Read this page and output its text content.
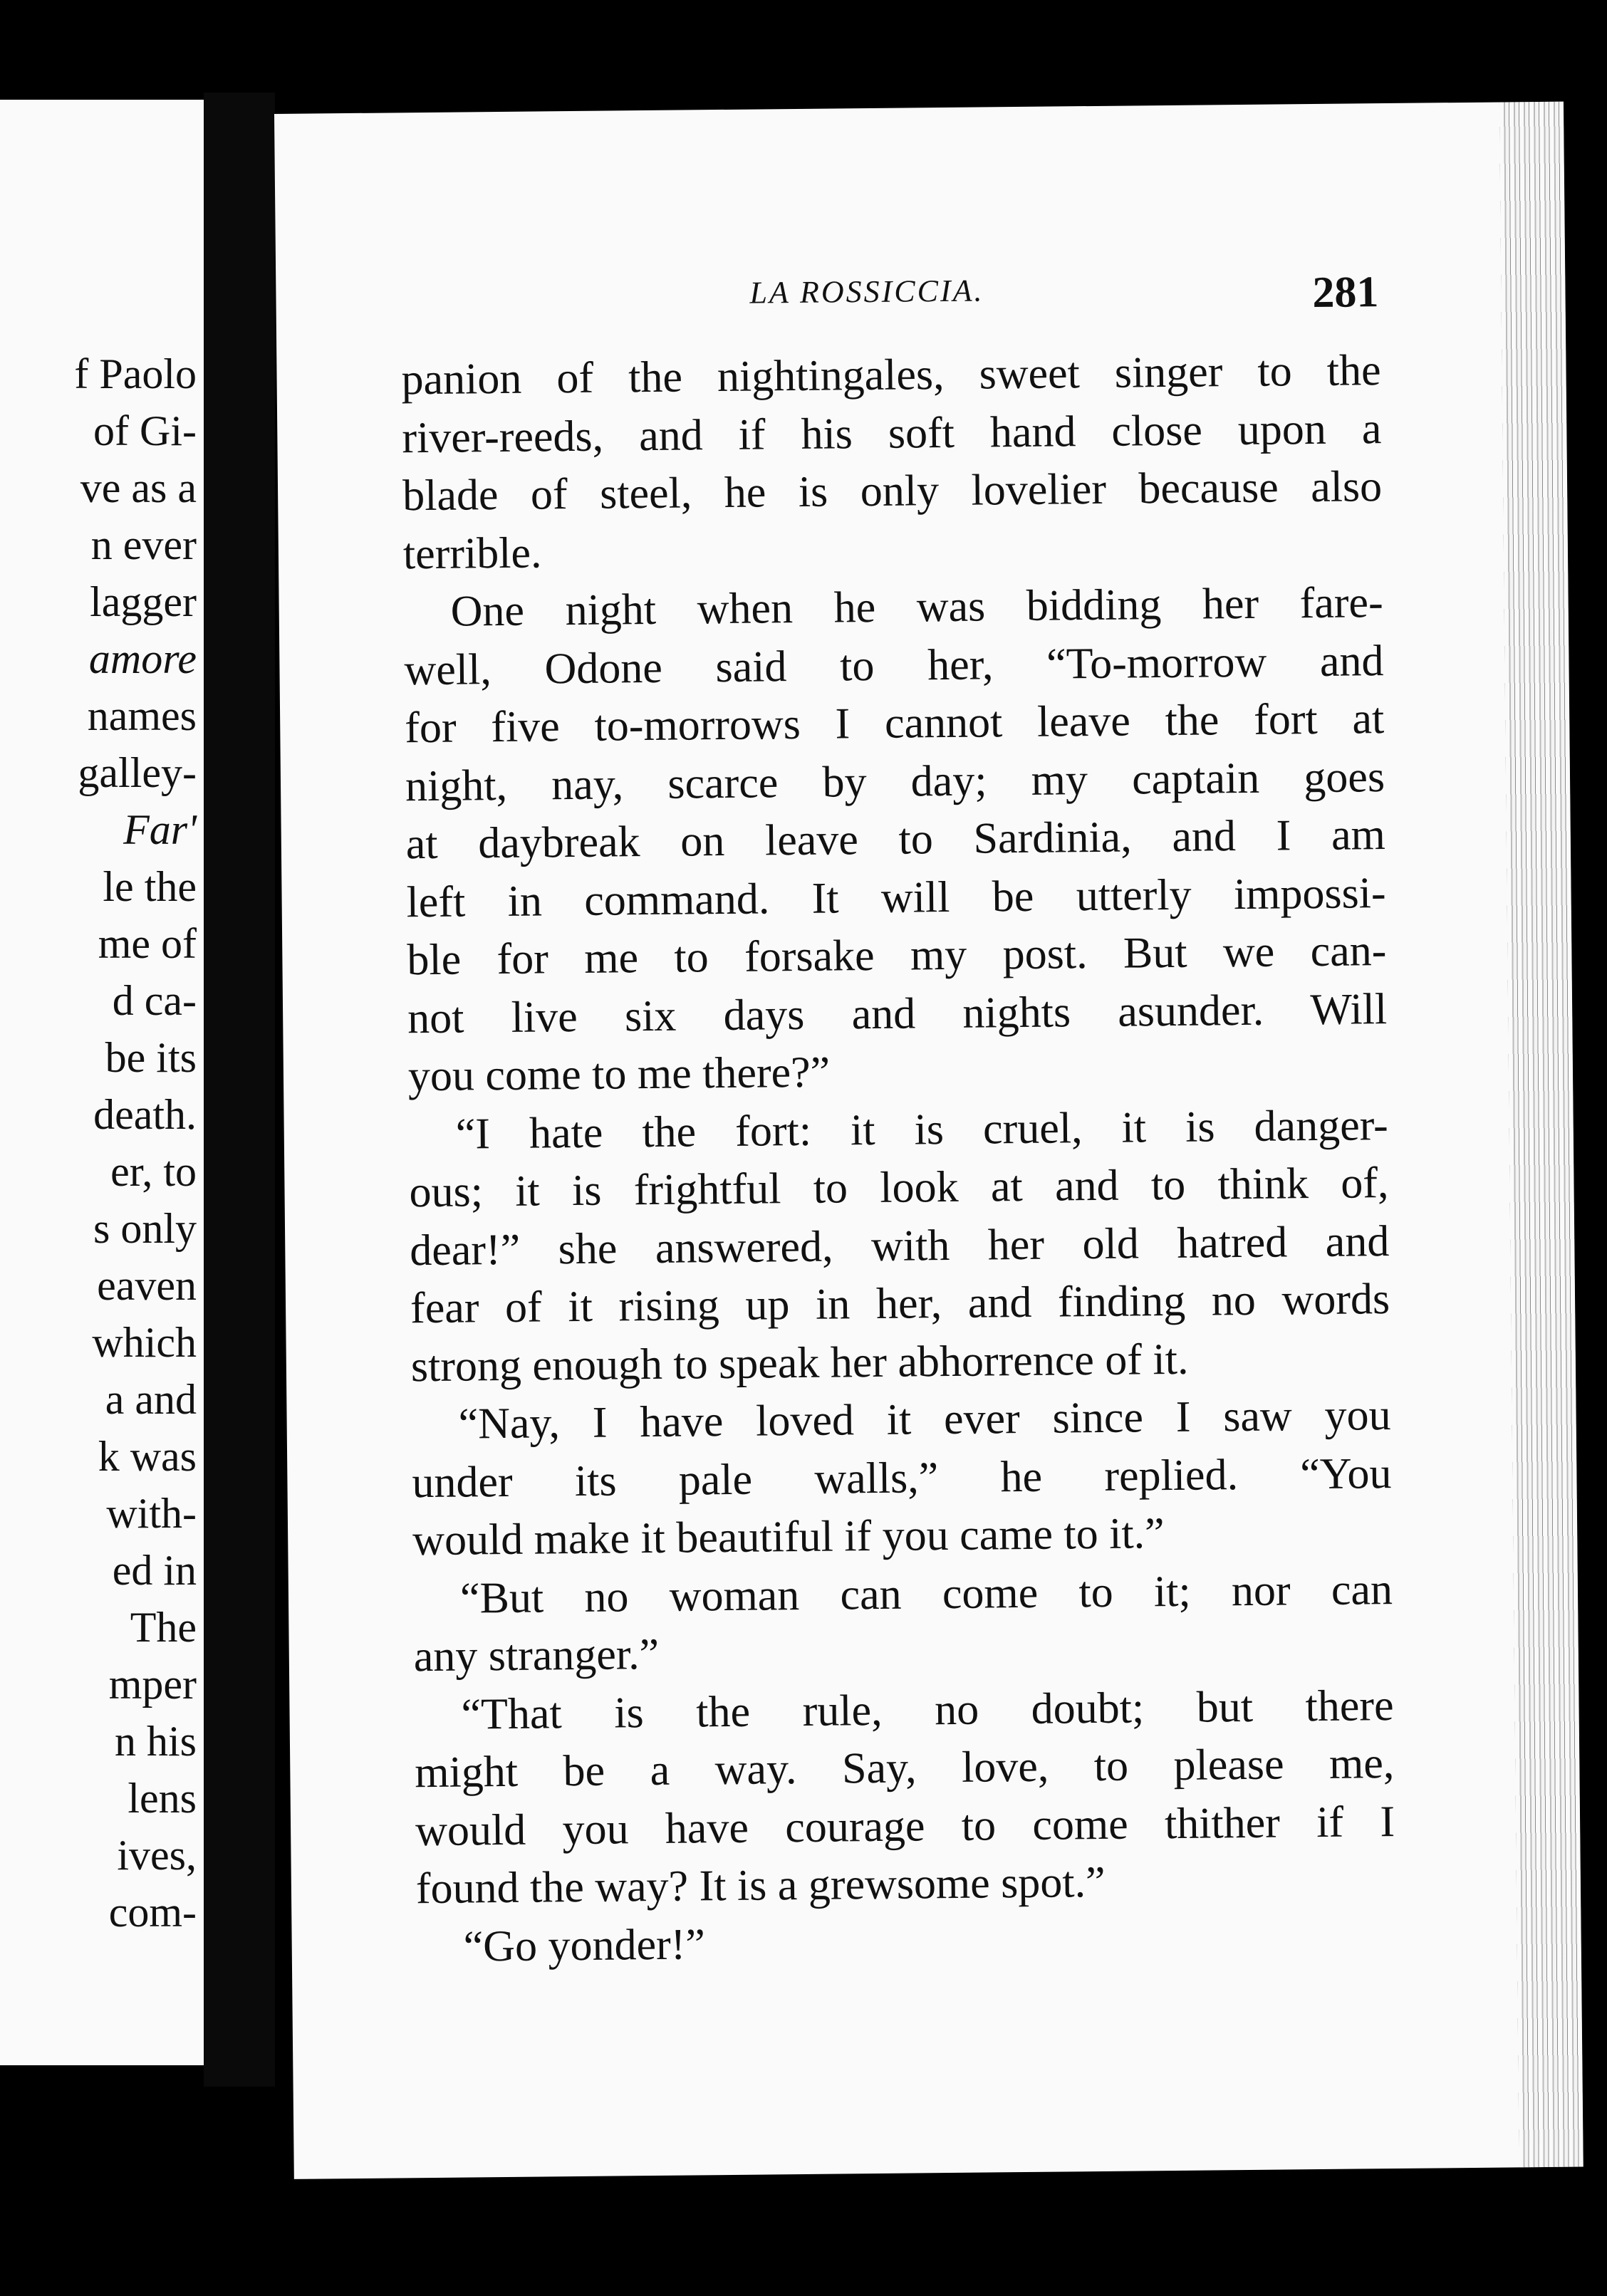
f Paolo
of Gi-
ve as a
n ever
lagger
amore
names
galley-
Far'
le the
me of
d ca-
be its
death.
er, to
s only
eaven
which
a and
k was
with-
ed in
The
mper
n his
lens
ives,
com-
LA ROSSICCIA.	281

panion of the nightingales, sweet singer to the

river-reeds, and if his soft hand close upon a

blade of steel, he is only lovelier because also

terrible.

One night when he was bidding her fare-

well, Odone said to her, “To-morrow and

for five to-morrows I cannot leave the fort at

night, nay, scarce by day; my captain goes

at daybreak on leave to Sardinia, and I am

left in command. It will be utterly impossi-

ble for me to forsake my post. But we can-

not live six days and nights asunder. Will

you come to me there?”

“I hate the fort: it is cruel, it is danger-

ous; it is frightful to look at and to think of,

dear!” she answered, with her old hatred and

fear of it rising up in her, and finding no words

strong enough to speak her abhorrence of it.

“Nay, I have loved it ever since I saw you

under its pale walls,” he replied. “You

would make it beautiful if you came to it.”

“But no woman can come to it; nor can

any stranger.”

“That is the rule, no doubt; but there

might be a way. Say, love, to please me,

would you have courage to come thither if I

found the way? It is a grewsome spot.”

“Go yonder!”
